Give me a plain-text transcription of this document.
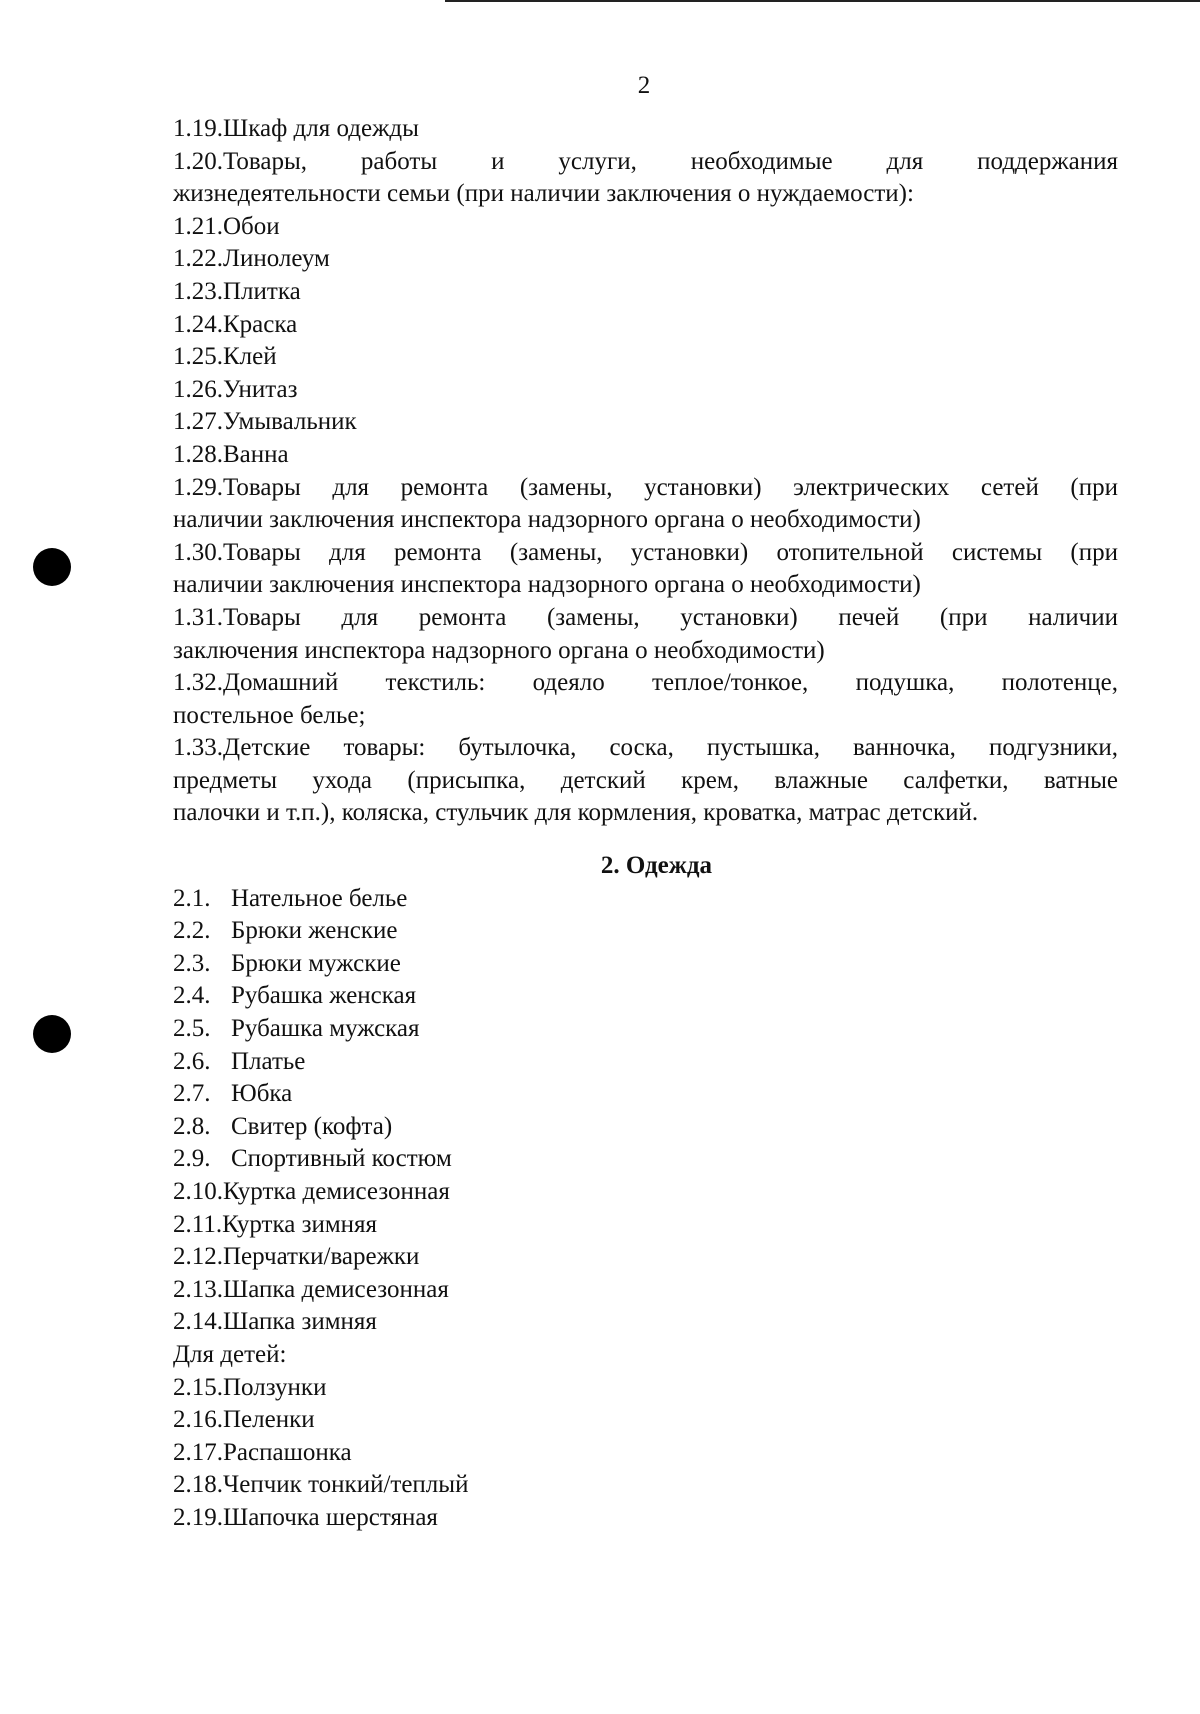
2
1.19.Шкаф для одежды
1.20.Товары, работы и услуги, необходимые для поддержания
жизнедеятельности семьи (при наличии заключения о нуждаемости):
1.21.Обои
1.22.Линолеум
1.23.Плитка
1.24.Краска
1.25.Клей
1.26.Унитаз
1.27.Умывальник
1.28.Ванна
1.29.Товары для ремонта (замены, установки) электрических сетей (при
наличии заключения инспектора надзорного органа о необходимости)
1.30.Товары для ремонта (замены, установки) отопительной системы (при
наличии заключения инспектора надзорного органа о необходимости)
1.31.Товары для ремонта (замены, установки) печей (при наличии
заключения инспектора надзорного органа о необходимости)
1.32.Домашний текстиль: одеяло теплое/тонкое, подушка, полотенце,
постельное белье;
1.33.Детские товары: бутылочка, соска, пустышка, ванночка, подгузники,
предметы ухода (присыпка, детский крем, влажные салфетки, ватные
палочки и т.п.), коляска, стульчик для кормления, кроватка, матрас детский.
2. Одежда
2.1. Нательное белье
2.2. Брюки женские
2.3. Брюки мужские
2.4. Рубашка женская
2.5. Рубашка мужская
2.6. Платье
2.7. Юбка
2.8. Свитер (кофта)
2.9. Спортивный костюм
2.10.Куртка демисезонная
2.11.Куртка зимняя
2.12.Перчатки/варежки
2.13.Шапка демисезонная
2.14.Шапка зимняя
Для детей:
2.15.Ползунки
2.16.Пеленки
2.17.Распашонка
2.18.Чепчик тонкий/теплый
2.19.Шапочка шерстяная
